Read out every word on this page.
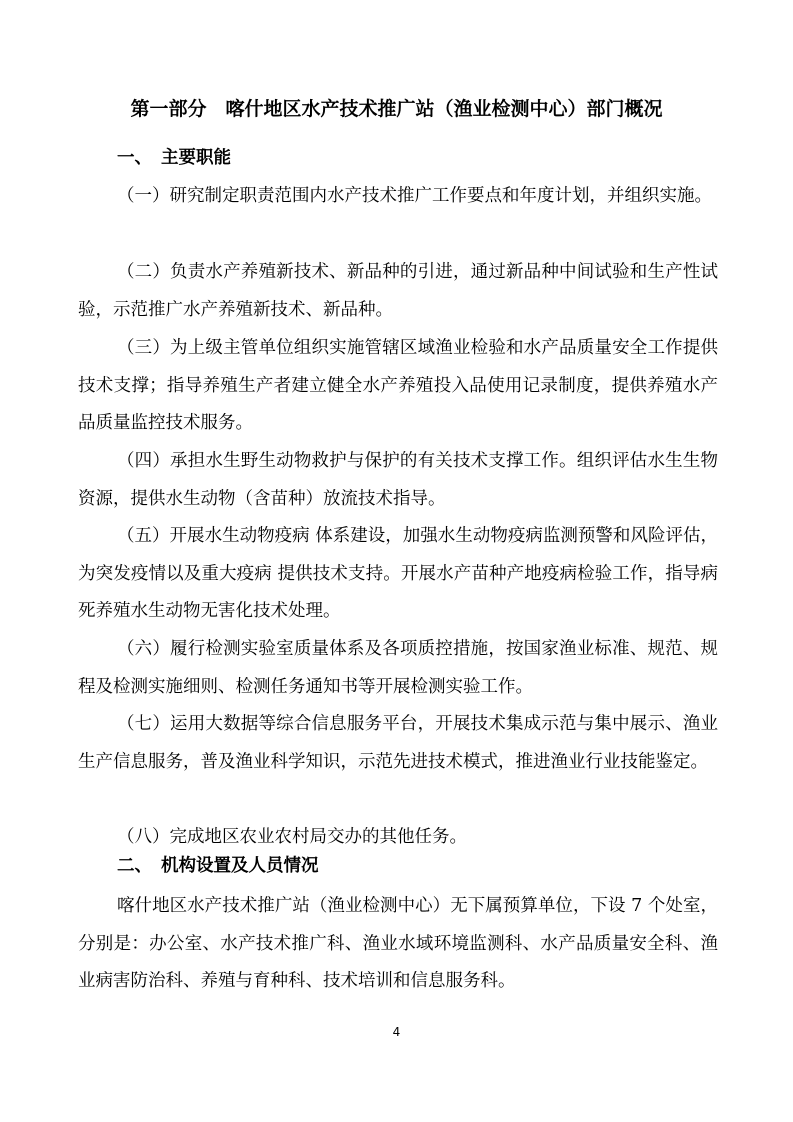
第一部分　喀什地区水产技术推广站（渔业检测中心）部门概况
一、 主要职能
（一）研究制定职责范围内水产技术推广工作要点和年度计划，并组织实施。
（二）负责水产养殖新技术、新品种的引进，通过新品种中间试验和生产性试验，示范推广水产养殖新技术、新品种。
（三）为上级主管单位组织实施管辖区域渔业检验和水产品质量安全工作提供技术支撑；指导养殖生产者建立健全水产养殖投入品使用记录制度，提供养殖水产品质量监控技术服务。
（四）承担水生野生动物救护与保护的有关技术支撑工作。组织评估水生生物资源，提供水生动物（含苗种）放流技术指导。
（五）开展水生动物疫病 体系建设，加强水生动物疫病监测预警和风险评估，为突发疫情以及重大疫病 提供技术支持。开展水产苗种产地疫病检验工作，指导病死养殖水生动物无害化技术处理。
（六）履行检测实验室质量体系及各项质控措施，按国家渔业标准、规范、规程及检测实施细则、检测任务通知书等开展检测实验工作。
（七）运用大数据等综合信息服务平台，开展技术集成示范与集中展示、渔业生产信息服务，普及渔业科学知识，示范先进技术模式，推进渔业行业技能鉴定。
（八）完成地区农业农村局交办的其他任务。
二、 机构设置及人员情况
喀什地区水产技术推广站（渔业检测中心）无下属预算单位，下设 7 个处室，分别是：办公室、水产技术推广科、渔业水域环境监测科、水产品质量安全科、渔业病害防治科、养殖与育种科、技术培训和信息服务科。
4
